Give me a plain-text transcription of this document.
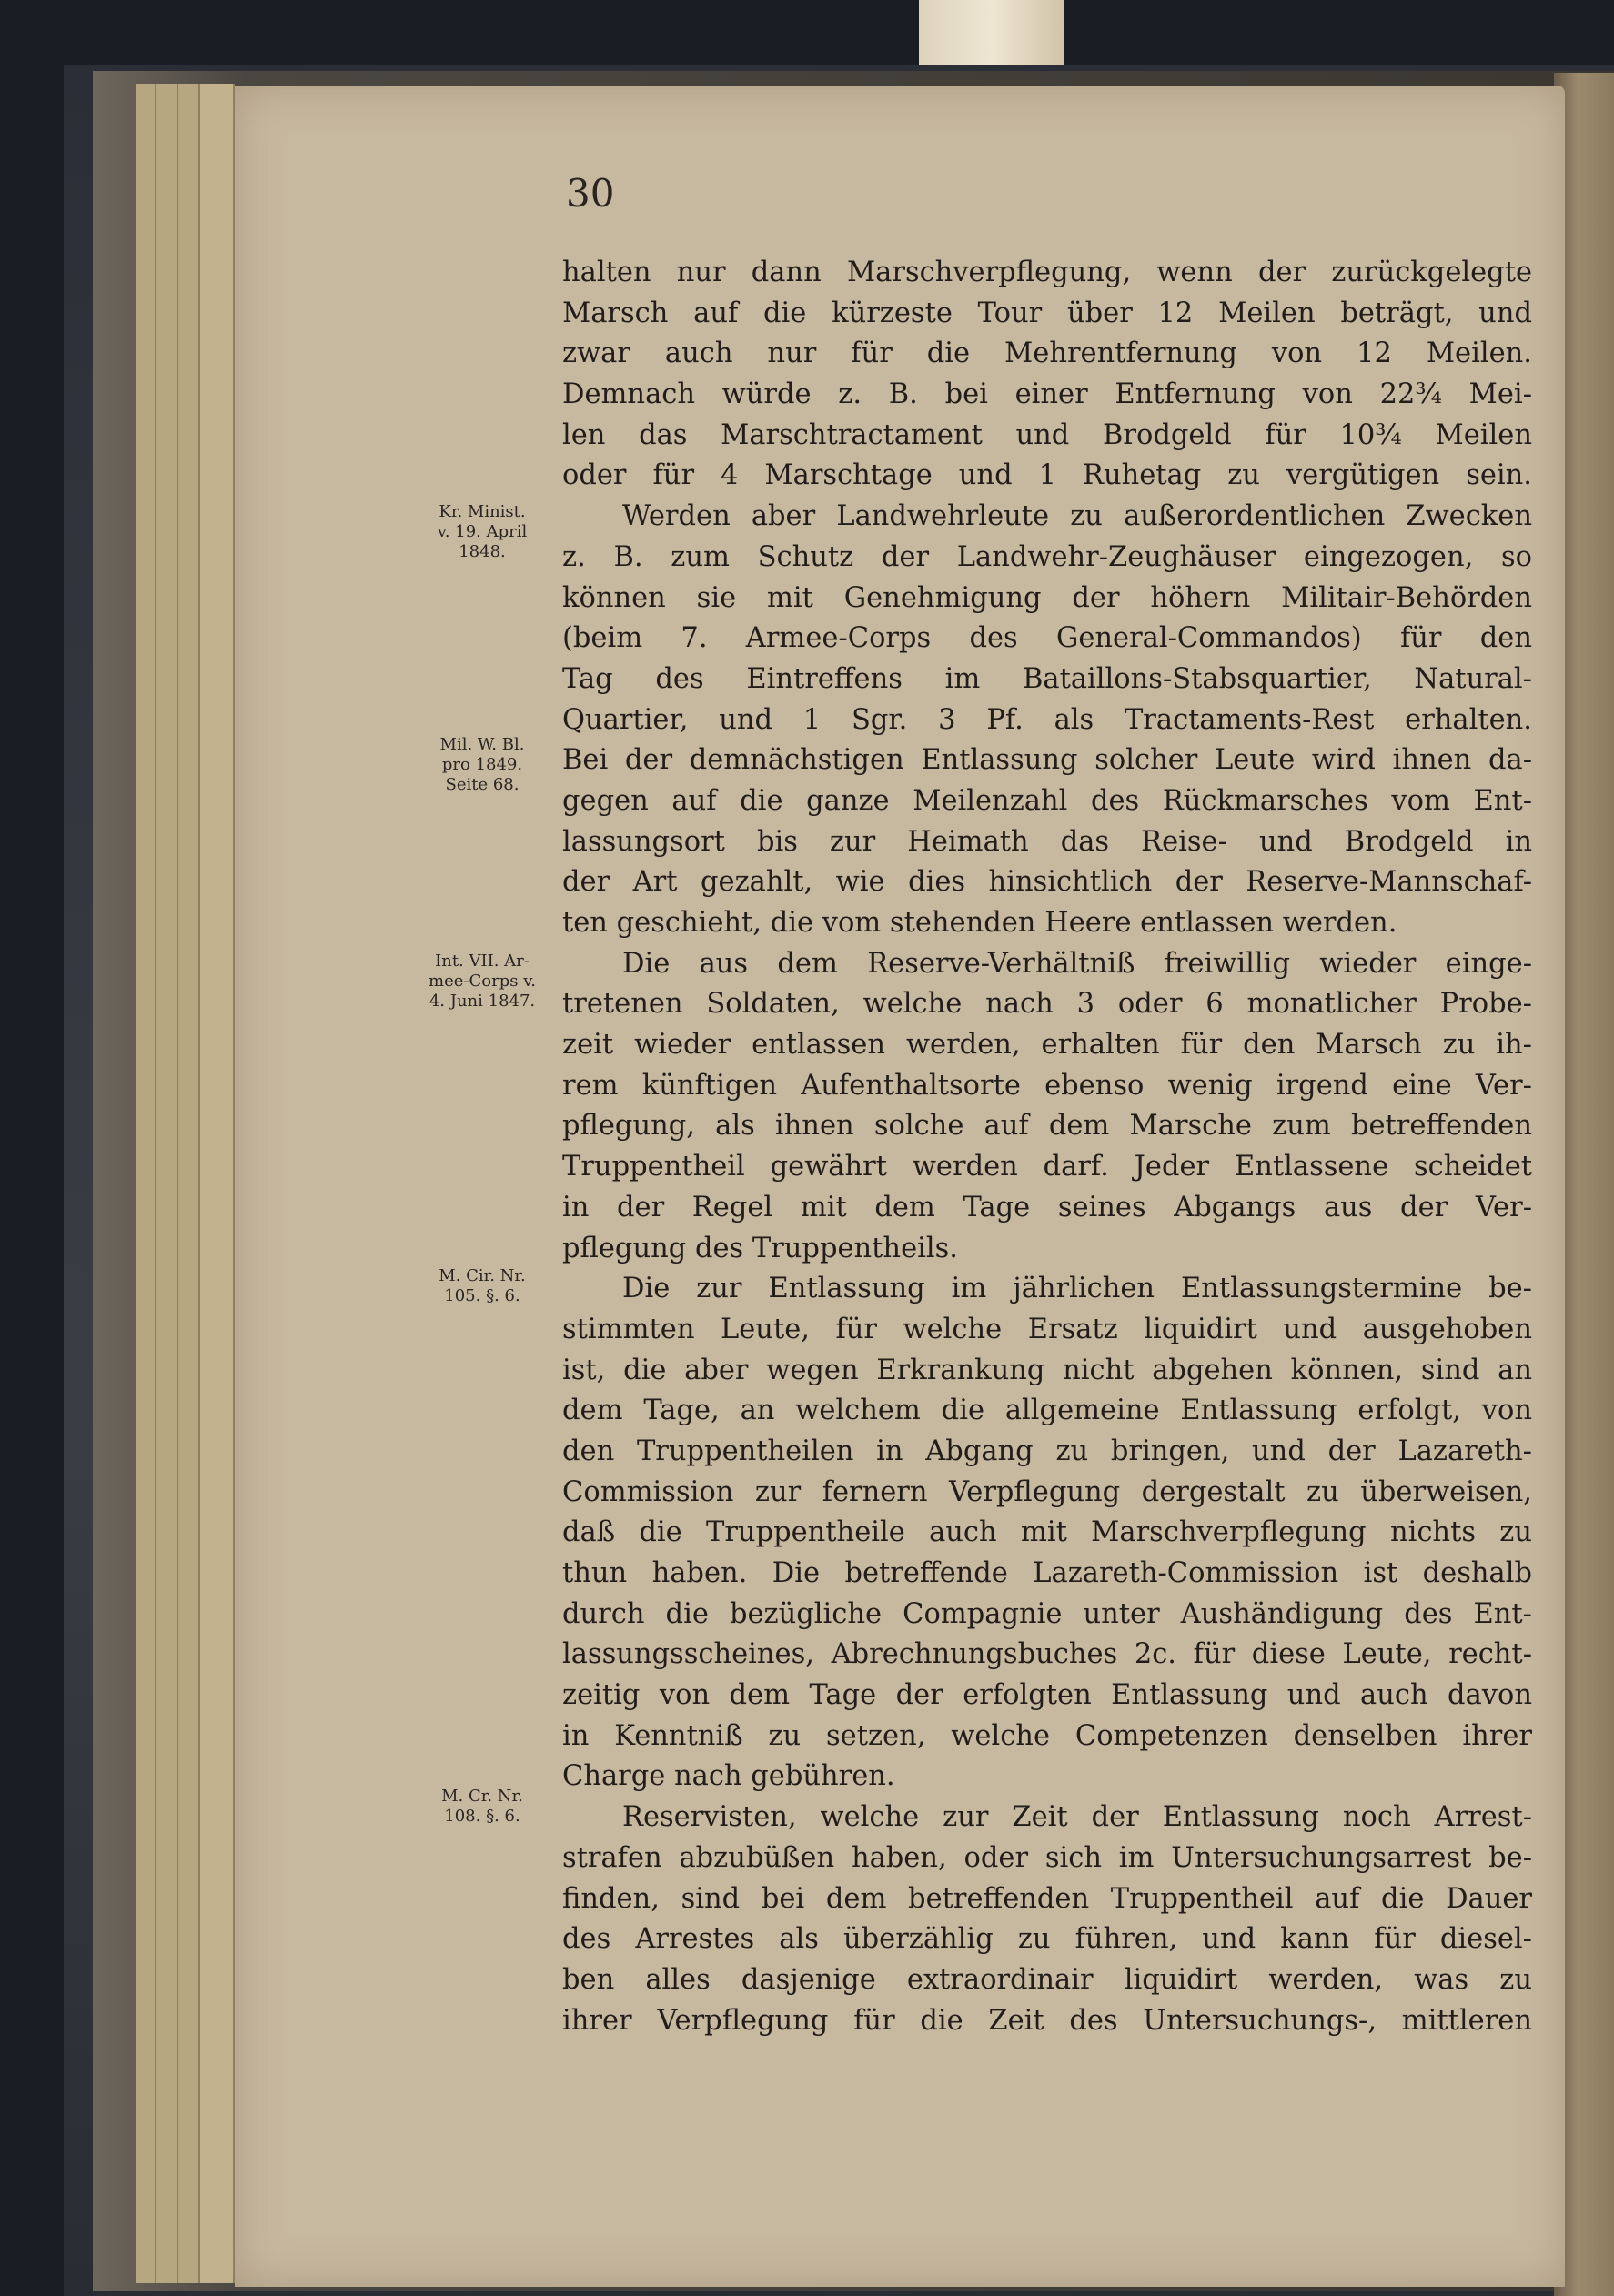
30
Kr. Minist.
v. 19. April
1848.
Mil. W. Bl.
pro 1849.
Seite 68.
Int. VII. Ar-
mee-Corps v.
4. Juni 1847.
M. Cir. Nr.
105. §. 6.
M. Cr. Nr.
108. §. 6.
halten nur dann Marschverpflegung, wenn der zurückgelegte
Marsch auf die kürzeste Tour über 12 Meilen beträgt, und
zwar auch nur für die Mehrentfernung von 12 Meilen.
Demnach würde z. B. bei einer Entfernung von 22¾ Mei-
len das Marschtractament und Brodgeld für 10¾ Meilen
oder für 4 Marschtage und 1 Ruhetag zu vergütigen sein.
Werden aber Landwehrleute zu außerordentlichen Zwecken
z. B. zum Schutz der Landwehr-Zeughäuser eingezogen, so
können sie mit Genehmigung der höhern Militair-Behörden
(beim 7. Armee-Corps des General-Commandos) für den
Tag des Eintreffens im Bataillons-Stabsquartier, Natural-
Quartier, und 1 Sgr. 3 Pf. als Tractaments-Rest erhalten.
Bei der demnächstigen Entlassung solcher Leute wird ihnen da-
gegen auf die ganze Meilenzahl des Rückmarsches vom Ent-
lassungsort bis zur Heimath das Reise- und Brodgeld in
der Art gezahlt, wie dies hinsichtlich der Reserve-Mannschaf-
ten geschieht, die vom stehenden Heere entlassen werden.
Die aus dem Reserve-Verhältniß freiwillig wieder einge-
tretenen Soldaten, welche nach 3 oder 6 monatlicher Probe-
zeit wieder entlassen werden, erhalten für den Marsch zu ih-
rem künftigen Aufenthaltsorte ebenso wenig irgend eine Ver-
pflegung, als ihnen solche auf dem Marsche zum betreffenden
Truppentheil gewährt werden darf. Jeder Entlassene scheidet
in der Regel mit dem Tage seines Abgangs aus der Ver-
pflegung des Truppentheils.
Die zur Entlassung im jährlichen Entlassungstermine be-
stimmten Leute, für welche Ersatz liquidirt und ausgehoben
ist, die aber wegen Erkrankung nicht abgehen können, sind an
dem Tage, an welchem die allgemeine Entlassung erfolgt, von
den Truppentheilen in Abgang zu bringen, und der Lazareth-
Commission zur fernern Verpflegung dergestalt zu überweisen,
daß die Truppentheile auch mit Marschverpflegung nichts zu
thun haben. Die betreffende Lazareth-Commission ist deshalb
durch die bezügliche Compagnie unter Aushändigung des Ent-
lassungsscheines, Abrechnungsbuches 2c. für diese Leute, recht-
zeitig von dem Tage der erfolgten Entlassung und auch davon
in Kenntniß zu setzen, welche Competenzen denselben ihrer
Charge nach gebühren.
Reservisten, welche zur Zeit der Entlassung noch Arrest-
strafen abzubüßen haben, oder sich im Untersuchungsarrest be-
finden, sind bei dem betreffenden Truppentheil auf die Dauer
des Arrestes als überzählig zu führen, und kann für diesel-
ben alles dasjenige extraordinair liquidirt werden, was zu
ihrer Verpflegung für die Zeit des Untersuchungs-, mittleren
